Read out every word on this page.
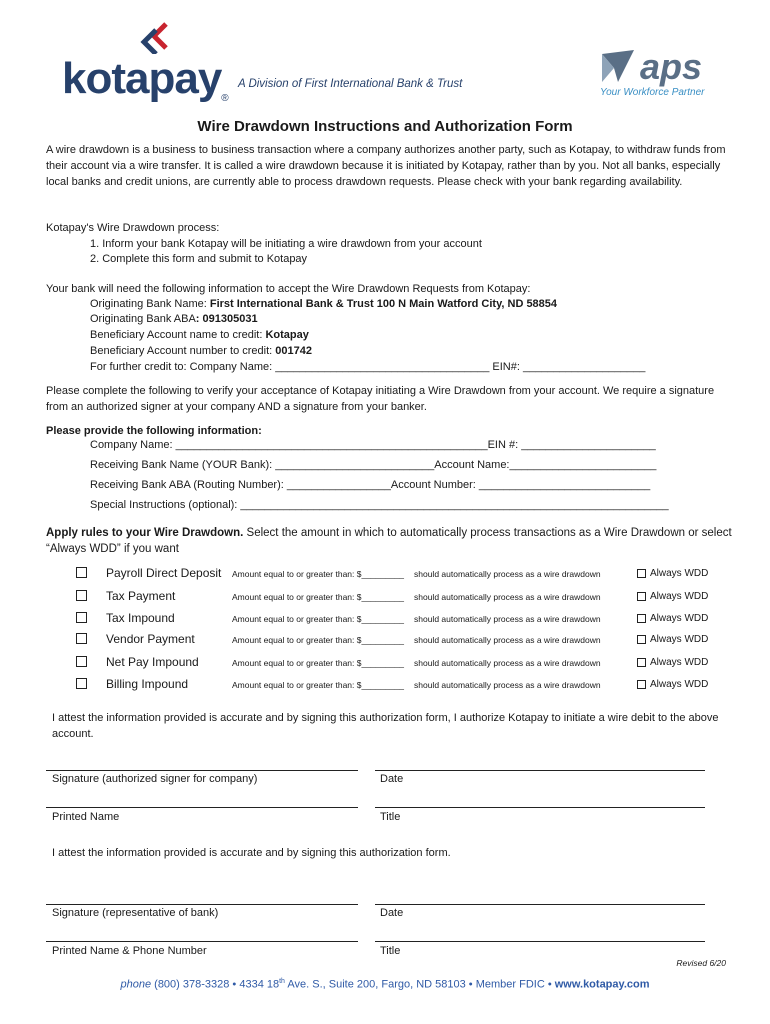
kotapay®
A Division of First International Bank & Trust	aps
Your Workforce Partner
Wire Drawdown Instructions and Authorization Form
A wire drawdown is a business to business transaction where a company authorizes another party, such as Kotapay, to withdraw funds from their account via a wire transfer. It is called a wire drawdown because it is initiated by Kotapay, rather than by you. Not all banks, especially local banks and credit unions, are currently able to process drawdown requests. Please check with your bank regarding availability.
Kotapay's Wire Drawdown process:
1. Inform your bank Kotapay will be initiating a wire drawdown from your account
2. Complete this form and submit to Kotapay
Your bank will need the following information to accept the Wire Drawdown Requests from Kotapay:
Originating Bank Name: First International Bank & Trust 100 N Main Watford City, ND 58854
Originating Bank ABA: 091305031
Beneficiary Account name to credit: Kotapay
Beneficiary Account number to credit: 001742
For further credit to: Company Name: ___________________________________ EIN#: ____________________
Please complete the following to verify your acceptance of Kotapay initiating a Wire Drawdown from your account. We require a signature from an authorized signer at your company AND a signature from your banker.
Please provide the following information:
Company Name: ___________________________________________________EIN #: ______________________
Receiving Bank Name (YOUR Bank): __________________________Account Name:________________________
Receiving Bank ABA (Routing Number): _________________Account Number: ____________________________
Special Instructions (optional): ______________________________________________________________________
Apply rules to your Wire Drawdown. Select the amount in which to automatically process transactions as a Wire Drawdown or select “Always WDD” if you want
Payroll Direct Deposit Amount equal to or greater than: $_________ should automatically process as a wire drawdown	Always WDD
Tax Payment	Amount equal to or greater than: $_________ should automatically process as a wire drawdown	Always WDD
Tax Impound	Amount equal to or greater than: $_________ should automatically process as a wire drawdown	Always WDD
Vendor Payment	Amount equal to or greater than: $_________ should automatically process as a wire drawdown	Always WDD
Net Pay Impound	Amount equal to or greater than: $_________ should automatically process as a wire drawdown	Always WDD
Billing Impound	Amount equal to or greater than: $_________ should automatically process as a wire drawdown	Always WDD
I attest the information provided is accurate and by signing this authorization form, I authorize Kotapay to initiate a wire debit to the above account.
Signature (authorized signer for company)	Date
Printed Name	Title
I attest the information provided is accurate and by signing this authorization form.
Signature (representative of bank)	Date
Printed Name & Phone Number	Title
Revised 6/20
phone (800) 378-3328 • 4334 18th Ave. S., Suite 200, Fargo, ND 58103 • Member FDIC • www.kotapay.com
